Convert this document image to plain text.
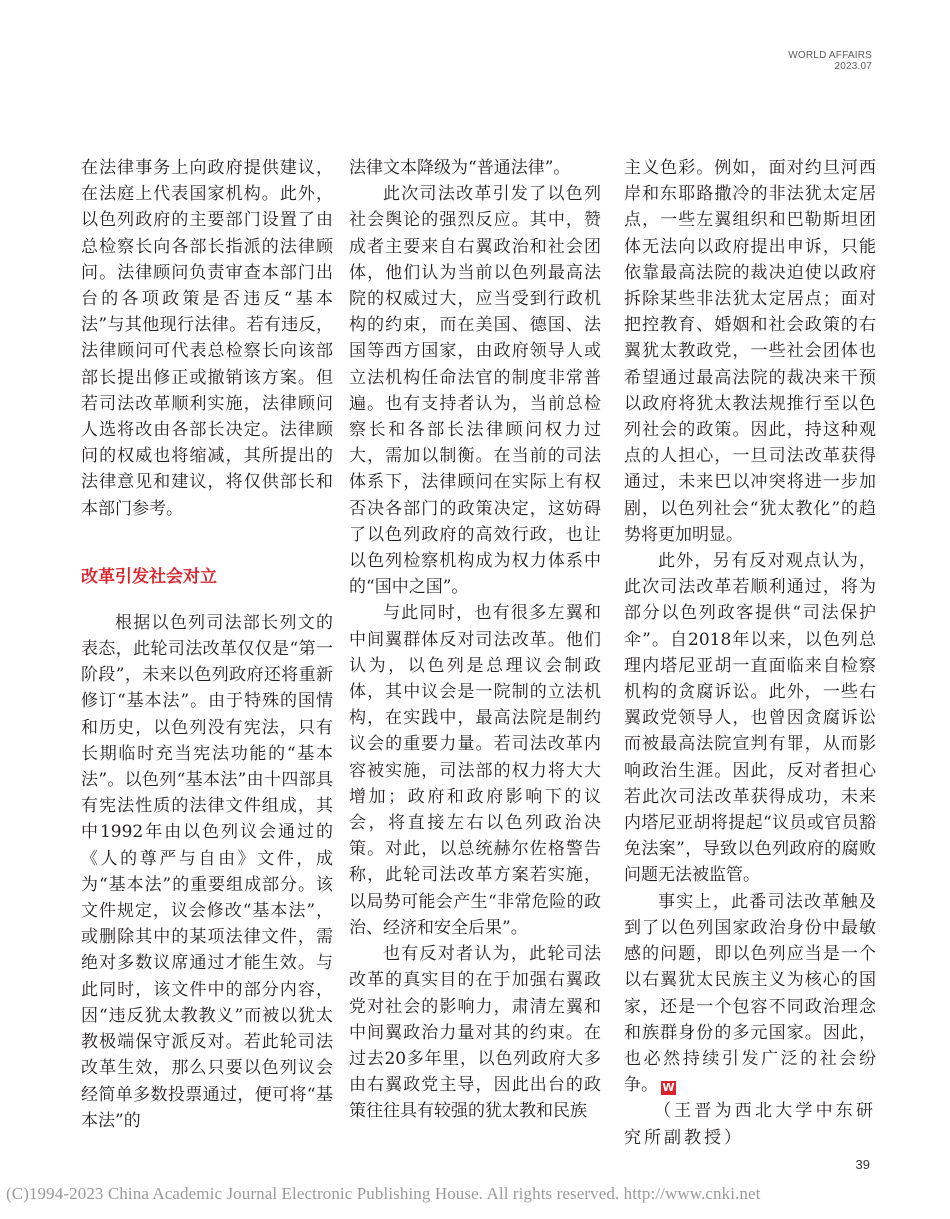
WORLD AFFAIRS
2023.07

在法律事务上向政府提供建议，在法庭上代表国家机构。此外，以色列政府的主要部门设置了由总检察长向各部长指派的法律顾问。法律顾问负责审查本部门出台的各项政策是否违反“基本法”与其他现行法律。若有违反，法律顾问可代表总检察长向该部部长提出修正或撤销该方案。但若司法改革顺利实施，法律顾问人选将改由各部长决定。法律顾问的权威也将缩减，其所提出的法律意见和建议，将仅供部长和本部门参考。

改革引发社会对立

根据以色列司法部长列文的表态，此轮司法改革仅仅是“第一阶段”，未来以色列政府还将重新修订“基本法”。由于特殊的国情和历史，以色列没有宪法，只有长期临时充当宪法功能的“基本法”。以色列“基本法”由十四部具有宪法性质的法律文件组成，其中1992年由以色列议会通过的《人的尊严与自由》文件，成为“基本法”的重要组成部分。该文件规定，议会修改“基本法”，或删除其中的某项法律文件，需绝对多数议席通过才能生效。与此同时，该文件中的部分内容，因“违反犹太教教义”而被以犹太教极端保守派反对。若此轮司法改革生效，那么只要以色列议会经简单多数投票通过，便可将“基本法”的

法律文本降级为“普通法律”。

此次司法改革引发了以色列社会舆论的强烈反应。其中，赞成者主要来自右翼政治和社会团体，他们认为当前以色列最高法院的权威过大，应当受到行政机构的约束，而在美国、德国、法国等西方国家，由政府领导人或立法机构任命法官的制度非常普遍。也有支持者认为，当前总检察长和各部长法律顾问权力过大，需加以制衡。在当前的司法体系下，法律顾问在实际上有权否决各部门的政策决定，这妨碍了以色列政府的高效行政，也让以色列检察机构成为权力体系中的“国中之国”。

与此同时，也有很多左翼和中间翼群体反对司法改革。他们认为，以色列是总理议会制政体，其中议会是一院制的立法机构，在实践中，最高法院是制约议会的重要力量。若司法改革内容被实施，司法部的权力将大大增加；政府和政府影响下的议会，将直接左右以色列政治决策。对此，以总统赫尔佐格警告称，此轮司法改革方案若实施，以局势可能会产生“非常危险的政治、经济和安全后果”。

也有反对者认为，此轮司法改革的真实目的在于加强右翼政党对社会的影响力，肃清左翼和中间翼政治力量对其的约束。在过去20多年里，以色列政府大多由右翼政党主导，因此出台的政策往往具有较强的犹太教和民族

主义色彩。例如，面对约旦河西岸和东耶路撒冷的非法犹太定居点，一些左翼组织和巴勒斯坦团体无法向以政府提出申诉，只能依靠最高法院的裁决迫使以政府拆除某些非法犹太定居点；面对把控教育、婚姻和社会政策的右翼犹太教政党，一些社会团体也希望通过最高法院的裁决来干预以政府将犹太教法规推行至以色列社会的政策。因此，持这种观点的人担心，一旦司法改革获得通过，未来巴以冲突将进一步加剧，以色列社会“犹太教化”的趋势将更加明显。

此外，另有反对观点认为，此次司法改革若顺利通过，将为部分以色列政客提供“司法保护伞”。自2018年以来，以色列总理内塔尼亚胡一直面临来自检察机构的贪腐诉讼。此外，一些右翼政党领导人，也曾因贪腐诉讼而被最高法院宣判有罪，从而影响政治生涯。因此，反对者担心若此次司法改革获得成功，未来内塔尼亚胡将提起“议员或官员豁免法案”，导致以色列政府的腐败问题无法被监管。

事实上，此番司法改革触及到了以色列国家政治身份中最敏感的问题，即以色列应当是一个以右翼犹太民族主义为核心的国家，还是一个包容不同政治理念和族群身份的多元国家。因此，也必然持续引发广泛的社会纷争。 W

（王晋为西北大学中东研究所副教授）

39
(C)1994-2023 China Academic Journal Electronic Publishing House. All rights reserved. http://www.cnki.net
